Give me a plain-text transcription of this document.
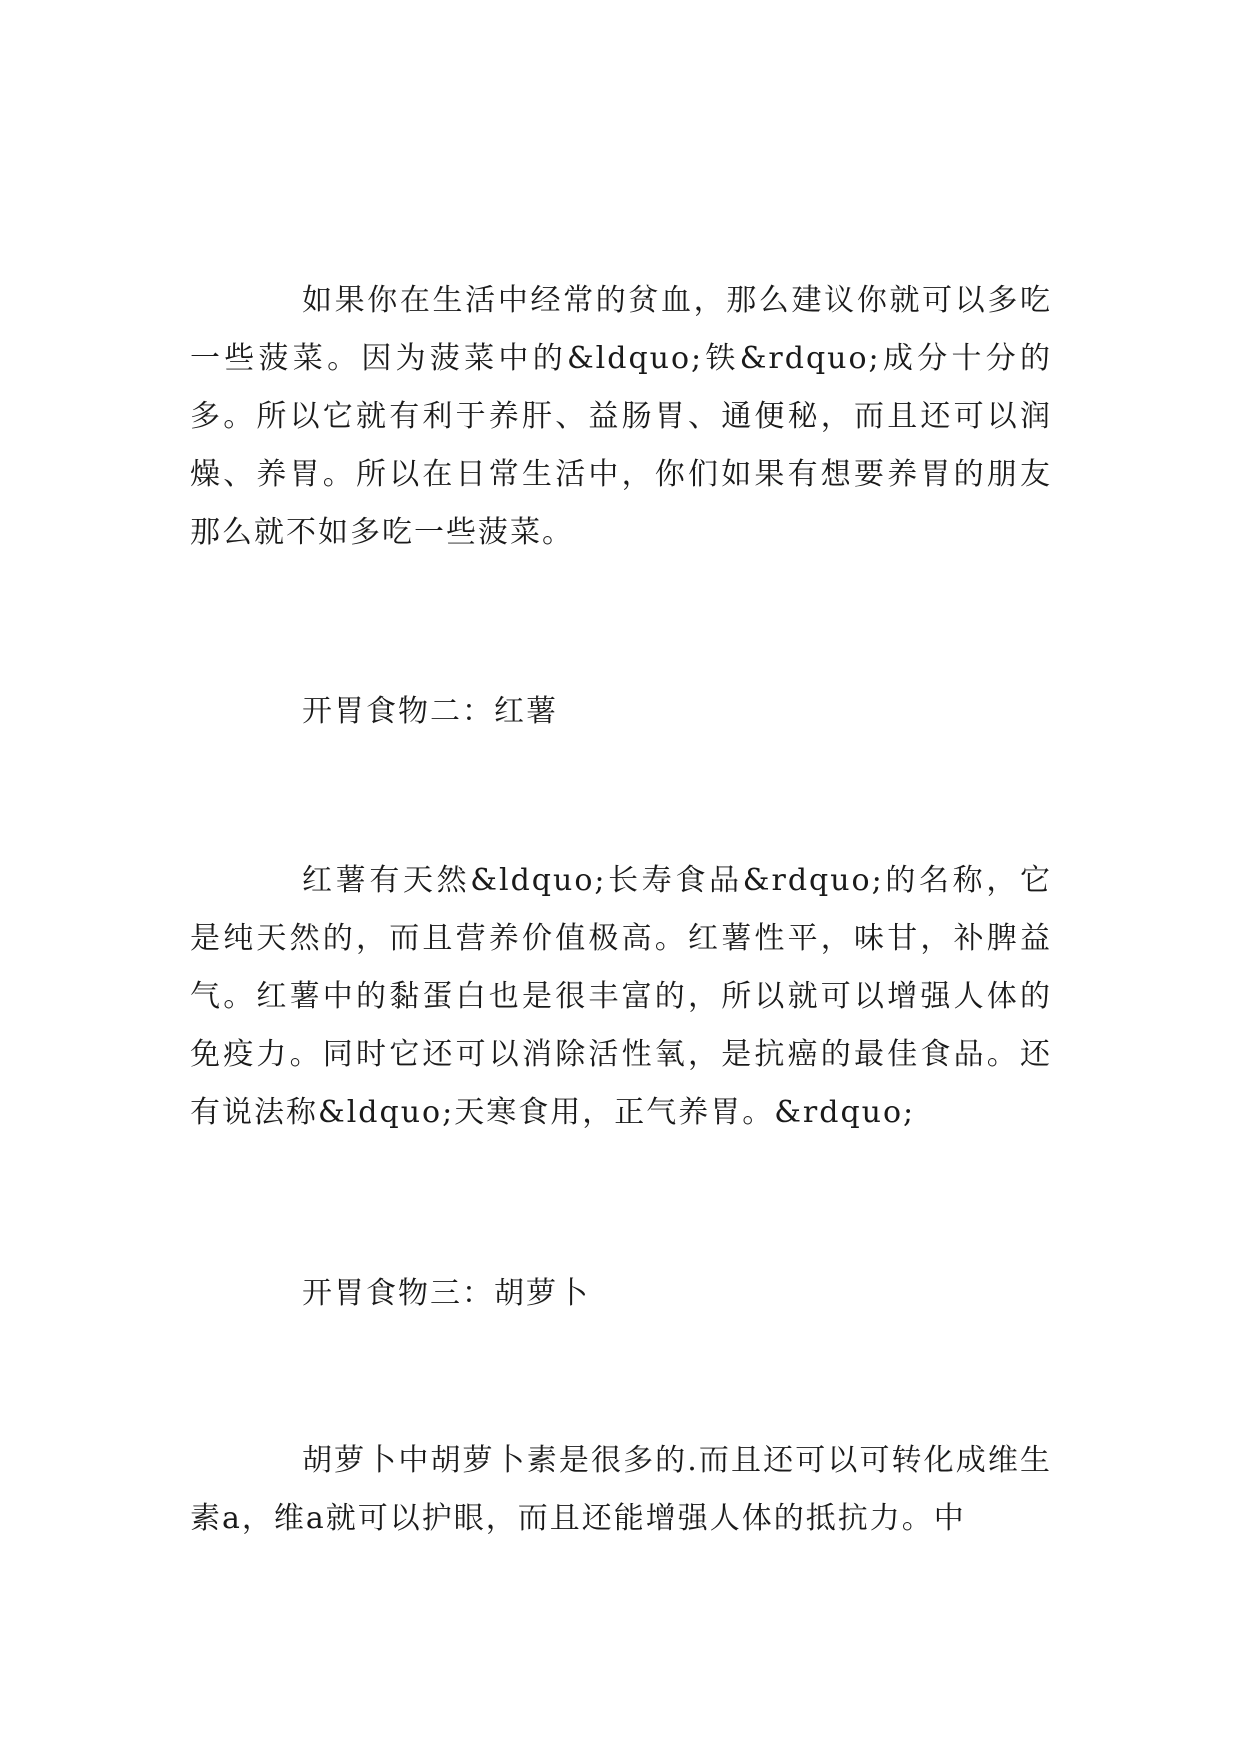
如果你在生活中经常的贫血，那么建议你就可以多吃一些菠菜。因为菠菜中的&ldquo;铁&rdquo;成分十分的多。所以它就有利于养肝、益肠胃、通便秘，而且还可以润燥、养胃。所以在日常生活中，你们如果有想要养胃的朋友那么就不如多吃一些菠菜。

开胃食物二：红薯

红薯有天然&ldquo;长寿食品&rdquo;的名称，它是纯天然的，而且营养价值极高。红薯性平，味甘，补脾益气。红薯中的黏蛋白也是很丰富的，所以就可以增强人体的免疫力。同时它还可以消除活性氧，是抗癌的最佳食品。还有说法称&ldquo;天寒食用，正气养胃。&rdquo;

开胃食物三：胡萝卜

胡萝卜中胡萝卜素是很多的.而且还可以可转化成维生素a，维a就可以护眼，而且还能增强人体的抵抗力。中
